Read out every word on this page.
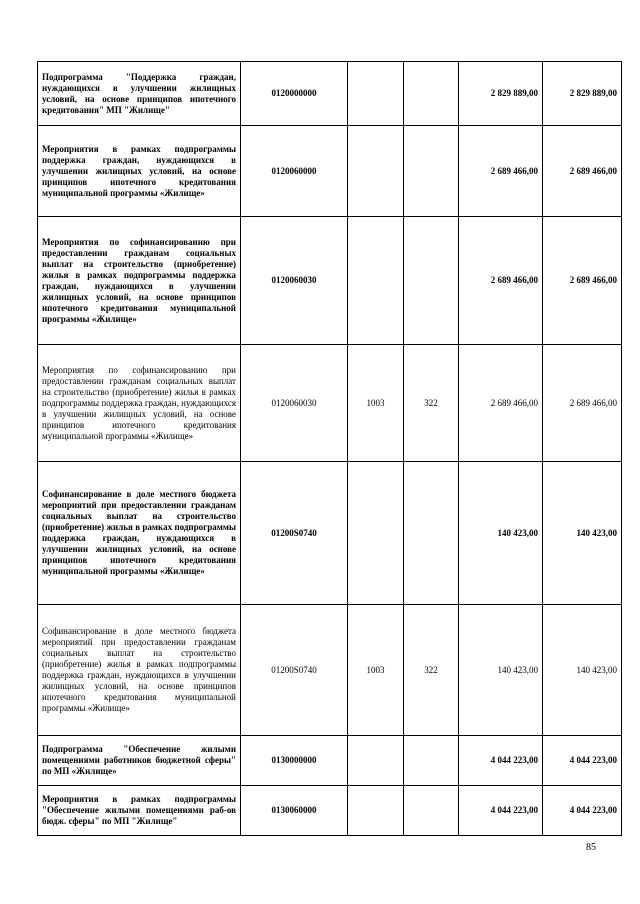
Подпрограмма "Поддержка граждан, нуждающихся в улучшении жилищных условий, на основе принципов ипотечного кредитования" МП "Жилище"	0120000000			2 829 889,00	2 829 889,00
Мероприятия в рамках подпрограммы поддержка граждан, нуждающихся в улучшении жилищных условий, на основе принципов ипотечного кредитования муниципальной программы «Жилище»	0120060000			2 689 466,00	2 689 466,00
Мероприятия по софинансированию при предоставлении гражданам социальных выплат на строительство (приобретение) жилья в рамках подпрограммы поддержка граждан, нуждающихся в улучшении жилищных условий, на основе принципов ипотечного кредитования муниципальной программы «Жилище»	0120060030			2 689 466,00	2 689 466,00
Мероприятия по софинансированию при предоставлении гражданам социальных выплат на строительство (приобретение) жилья в рамках подпрограммы поддержка граждан, нуждающихся в улучшении жилищных условий, на основе принципов ипотечного кредитования муниципальной программы «Жилище»	0120060030	1003	322	2 689 466,00	2 689 466,00
Софинансирование в доле местного бюджета мероприятий при предоставлении гражданам социальных выплат на строительство (приобретение) жилья в рамках подпрограммы поддержка граждан, нуждающихся в улучшении жилищных условий, на основе принципов ипотечного кредитования муниципальной программы «Жилище»	01200S0740			140 423,00	140 423,00
Софинансирование в доле местного бюджета мероприятий при предоставлении гражданам социальных выплат на строительство (приобретение) жилья в рамках подпрограммы поддержка граждан, нуждающихся в улучшении жилищных условий, на основе принципов ипотечного кредитования муниципальной программы «Жилище»	01200S0740	1003	322	140 423,00	140 423,00
Подпрограмма "Обеспечение жилыми помещениями работников бюджетной сферы" по МП «Жилище»	0130000000			4 044 223,00	4 044 223,00
Мероприятия в рамках подпрограммы "Обеспечение жилыми помещениями раб-ов бюдж. сферы" по МП "Жилище"	0130060000			4 044 223,00	4 044 223,00
85
